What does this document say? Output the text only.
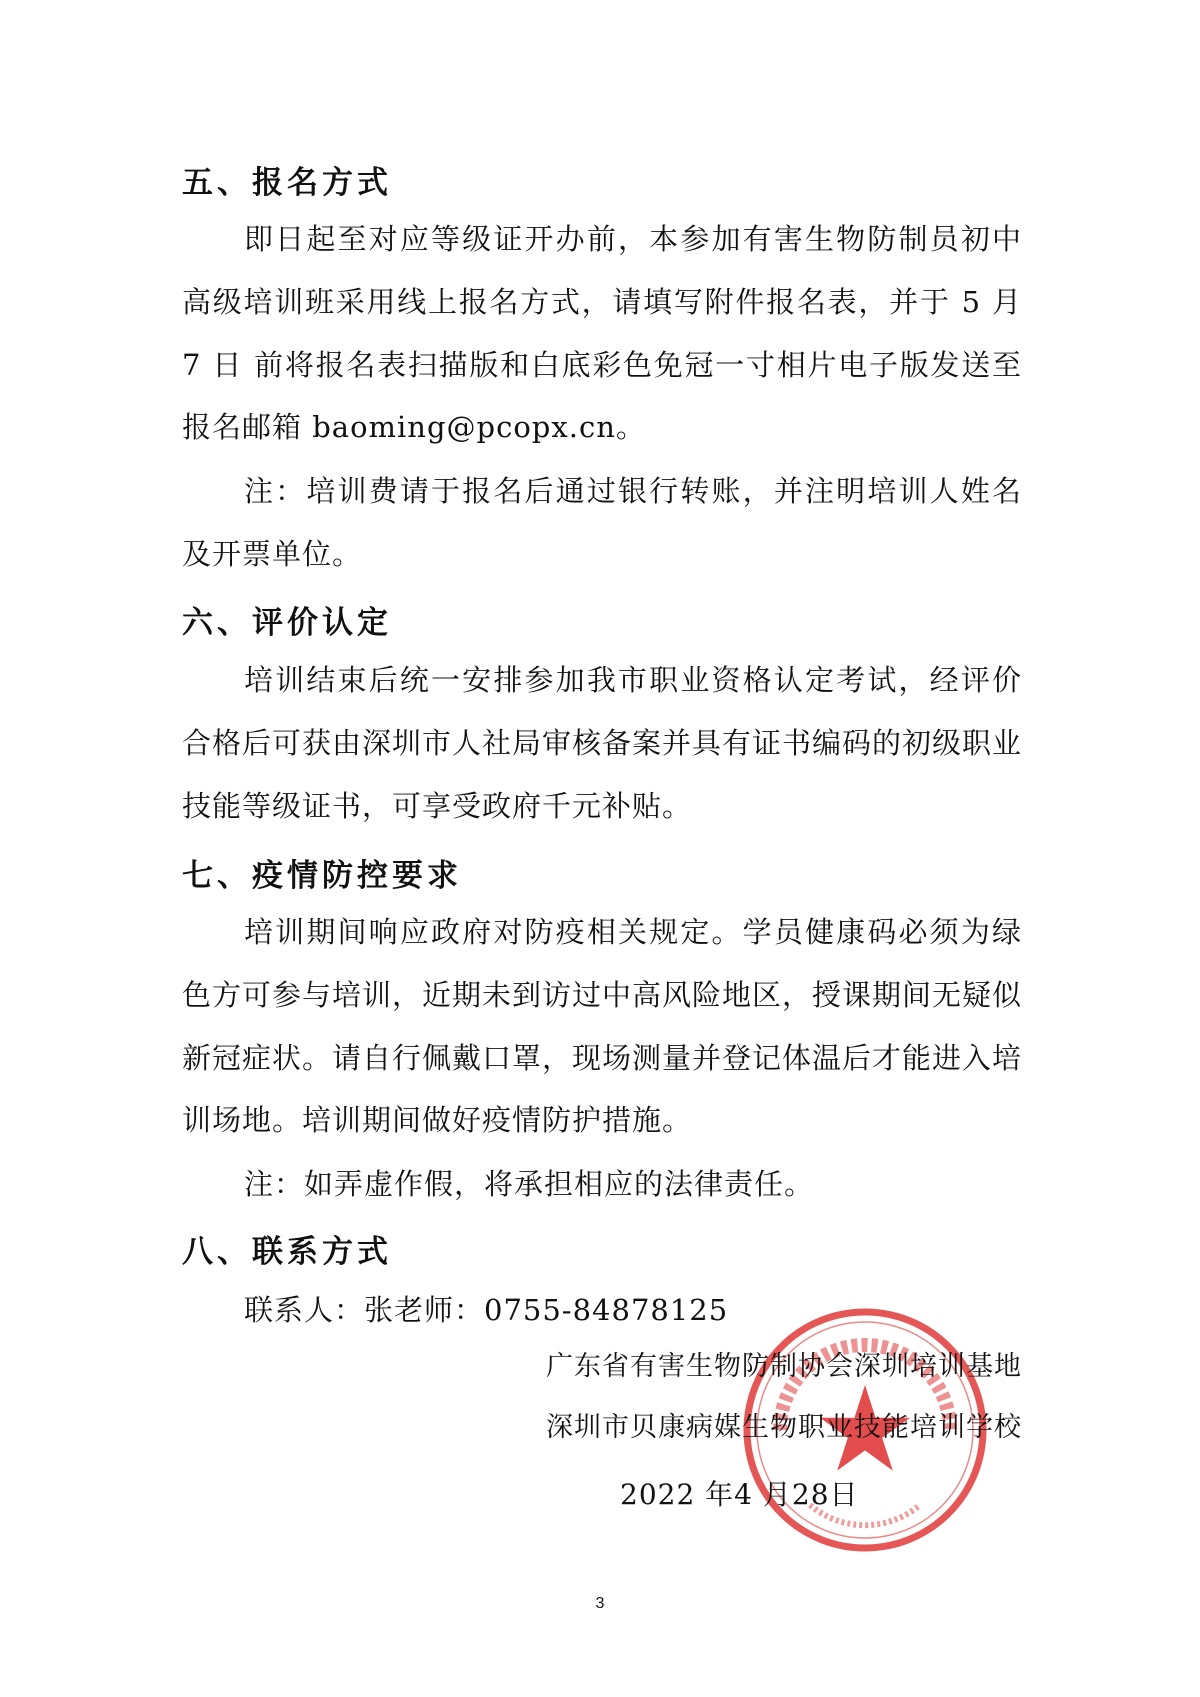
五、报名方式

即日起至对应等级证开办前，本参加有害生物防制员初中高级培训班采用线上报名方式，请填写附件报名表，并于 5 月 7 日 前将报名表扫描版和白底彩色免冠一寸相片电子版发送至报名邮箱 baoming@pcopx.cn。

注：培训费请于报名后通过银行转账，并注明培训人姓名及开票单位。

六、评价认定

培训结束后统一安排参加我市职业资格认定考试，经评价合格后可获由深圳市人社局审核备案并具有证书编码的初级职业技能等级证书，可享受政府千元补贴。

七、疫情防控要求

培训期间响应政府对防疫相关规定。学员健康码必须为绿色方可参与培训，近期未到访过中高风险地区，授课期间无疑似新冠症状。请自行佩戴口罩，现场测量并登记体温后才能进入培训场地。培训期间做好疫情防护措施。

注：如弄虚作假，将承担相应的法律责任。

八、联系方式
联系人：张老师：0755-84878125
广东省有害生物防制协会深圳培训基地
深圳市贝康病媒生物职业技能培训学校
2022 年4 月28日
3
